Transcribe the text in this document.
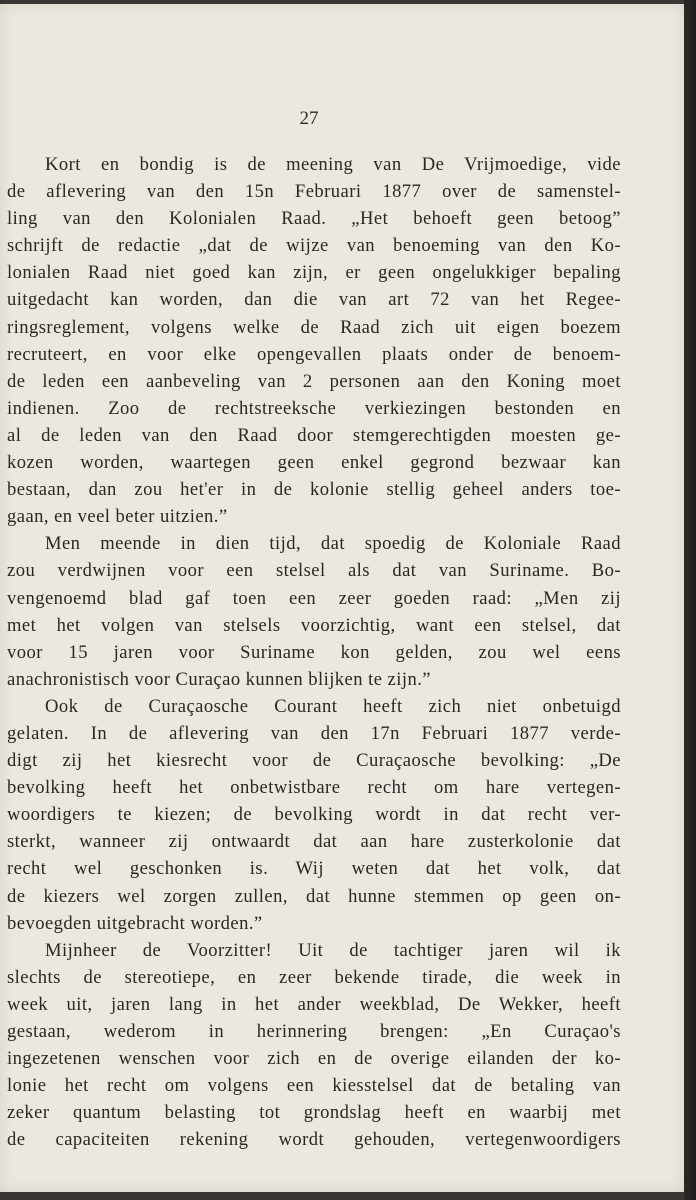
27
Kort en bondig is de meening van De Vrijmoedige, vide
de aflevering van den 15n Februari 1877 over de samenstel-
ling van den Kolonialen Raad. „Het behoeft geen betoog”
schrijft de redactie „dat de wijze van benoeming van den Ko-
lonialen Raad niet goed kan zijn, er geen ongelukkiger bepaling
uitgedacht kan worden, dan die van art 72 van het Regee-
ringsreglement, volgens welke de Raad zich uit eigen boezem
recruteert, en voor elke opengevallen plaats onder de benoem-
de leden een aanbeveling van 2 personen aan den Koning moet
indienen. Zoo de rechtstreeksche verkiezingen bestonden en
al de leden van den Raad door stemgerechtigden moesten ge-
kozen worden, waartegen geen enkel gegrond bezwaar kan
bestaan, dan zou het'er in de kolonie stellig geheel anders toe-
gaan, en veel beter uitzien.”
Men meende in dien tijd, dat spoedig de Koloniale Raad
zou verdwijnen voor een stelsel als dat van Suriname. Bo-
vengenoemd blad gaf toen een zeer goeden raad: „Men zij
met het volgen van stelsels voorzichtig, want een stelsel, dat
voor 15 jaren voor Suriname kon gelden, zou wel eens
anachronistisch voor Curaçao kunnen blijken te zijn.”
Ook de Curaçaosche Courant heeft zich niet onbetuigd
gelaten. In de aflevering van den 17n Februari 1877 verde-
digt zij het kiesrecht voor de Curaçaosche bevolking: „De
bevolking heeft het onbetwistbare recht om hare vertegen-
woordigers te kiezen; de bevolking wordt in dat recht ver-
sterkt, wanneer zij ontwaardt dat aan hare zusterkolonie dat
recht wel geschonken is. Wij weten dat het volk, dat
de kiezers wel zorgen zullen, dat hunne stemmen op geen on-
bevoegden uitgebracht worden.”
Mijnheer de Voorzitter! Uit de tachtiger jaren wil ik
slechts de stereotiepe, en zeer bekende tirade, die week in
week uit, jaren lang in het ander weekblad, De Wekker, heeft
gestaan, wederom in herinnering brengen: „En Curaçao's
ingezetenen wenschen voor zich en de overige eilanden der ko-
lonie het recht om volgens een kiesstelsel dat de betaling van
zeker quantum belasting tot grondslag heeft en waarbij met
de capaciteiten rekening wordt gehouden, vertegenwoordigers
